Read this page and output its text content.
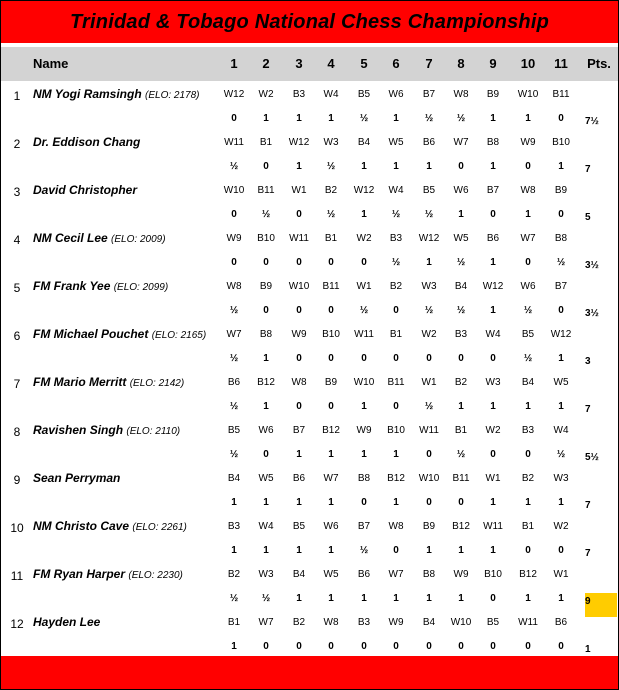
Trinidad & Tobago National Chess Championship
Name	1	2	3	4	5	6	7	8	9	10	11	Pts.
1	NM Yogi Ramsingh (ELO: 2178)	W12	W2	B3	W4	B5	W6	B7	W8	B9	W10	B11
0	1	1	1	½	1	½	½	1	1	0	7½
2	Dr. Eddison Chang	W11	B1	W12	W3	B4	W5	B6	W7	B8	W9	B10
½	0	1	½	1	1	1	0	1	0	1	7
3	David Christopher	W10	B11	W1	B2	W12	W4	B5	W6	B7	W8	B9
0	½	0	½	1	½	½	1	0	1	0	5
4	NM Cecil Lee (ELO: 2009)	W9	B10	W11	B1	W2	B3	W12	W5	B6	W7	B8
0	0	0	0	0	½	1	½	1	0	½	3½
5	FM Frank Yee (ELO: 2099)	W8	B9	W10	B11	W1	B2	W3	B4	W12	W6	B7
½	0	0	0	½	0	½	½	1	½	0	3½
6	FM Michael Pouchet (ELO: 2165)	W7	B8	W9	B10	W11	B1	W2	B3	W4	B5	W12
½	1	0	0	0	0	0	0	0	½	1	3
7	FM Mario Merritt (ELO: 2142)	B6	B12	W8	B9	W10	B11	W1	B2	W3	B4	W5
½	1	0	0	1	0	½	1	1	1	1	7
8	Ravishen Singh (ELO: 2110)	B5	W6	B7	B12	W9	B10	W11	B1	W2	B3	W4
½	0	1	1	1	1	0	½	0	0	½	5½
9	Sean Perryman	B4	W5	B6	W7	B8	B12	W10	B11	W1	B2	W3
1	1	1	1	0	1	0	0	1	1	1	7
10 NM Christo Cave (ELO: 2261)	B3	W4	B5	W6	B7	W8	B9	B12	W11	B1	W2
1	1	1	1	½	0	1	1	1	0	0	7
11 FM Ryan Harper (ELO: 2230)	B2	W3	B4	W5	B6	W7	B8	W9	B10	B12	W1
½	½	1	1	1	1	1	1	0	1	1	9
12 Hayden Lee	B1	W7	B2	W8	B3	W9	B4	W10	B5	W11	B6
1	0	0	0	0	0	0	0	0	0	0	1
